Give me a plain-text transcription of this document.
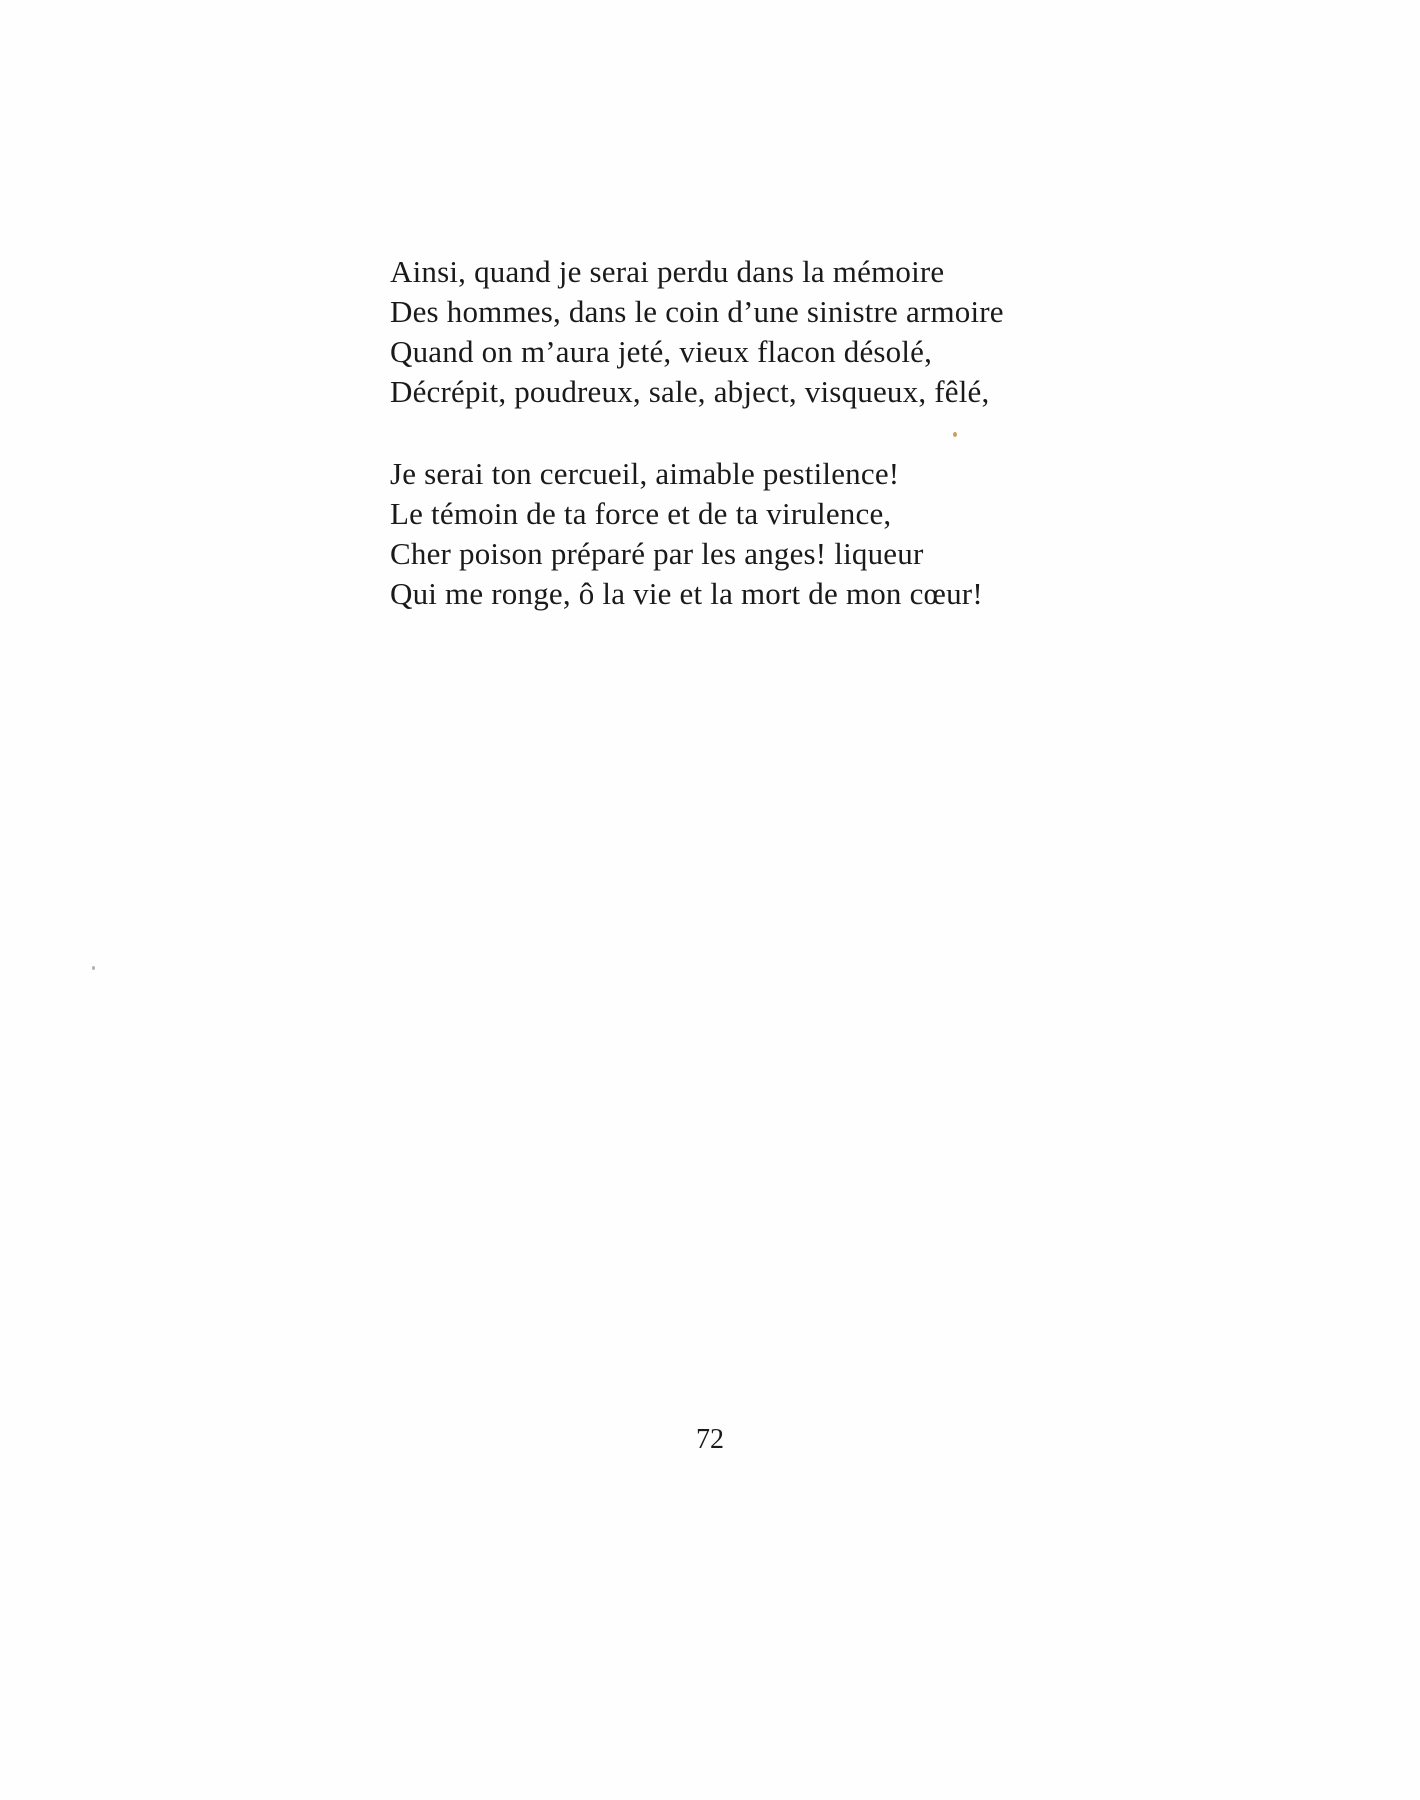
Ainsi, quand je serai perdu dans la mémoire
Des hommes, dans le coin d’une sinistre armoire
Quand on m’aura jeté, vieux flacon désolé,
Décrépit, poudreux, sale, abject, visqueux, fêlé,

Je serai ton cercueil, aimable pestilence!
Le témoin de ta force et de ta virulence,
Cher poison préparé par les anges! liqueur
Qui me ronge, ô la vie et la mort de mon cœur!

72
